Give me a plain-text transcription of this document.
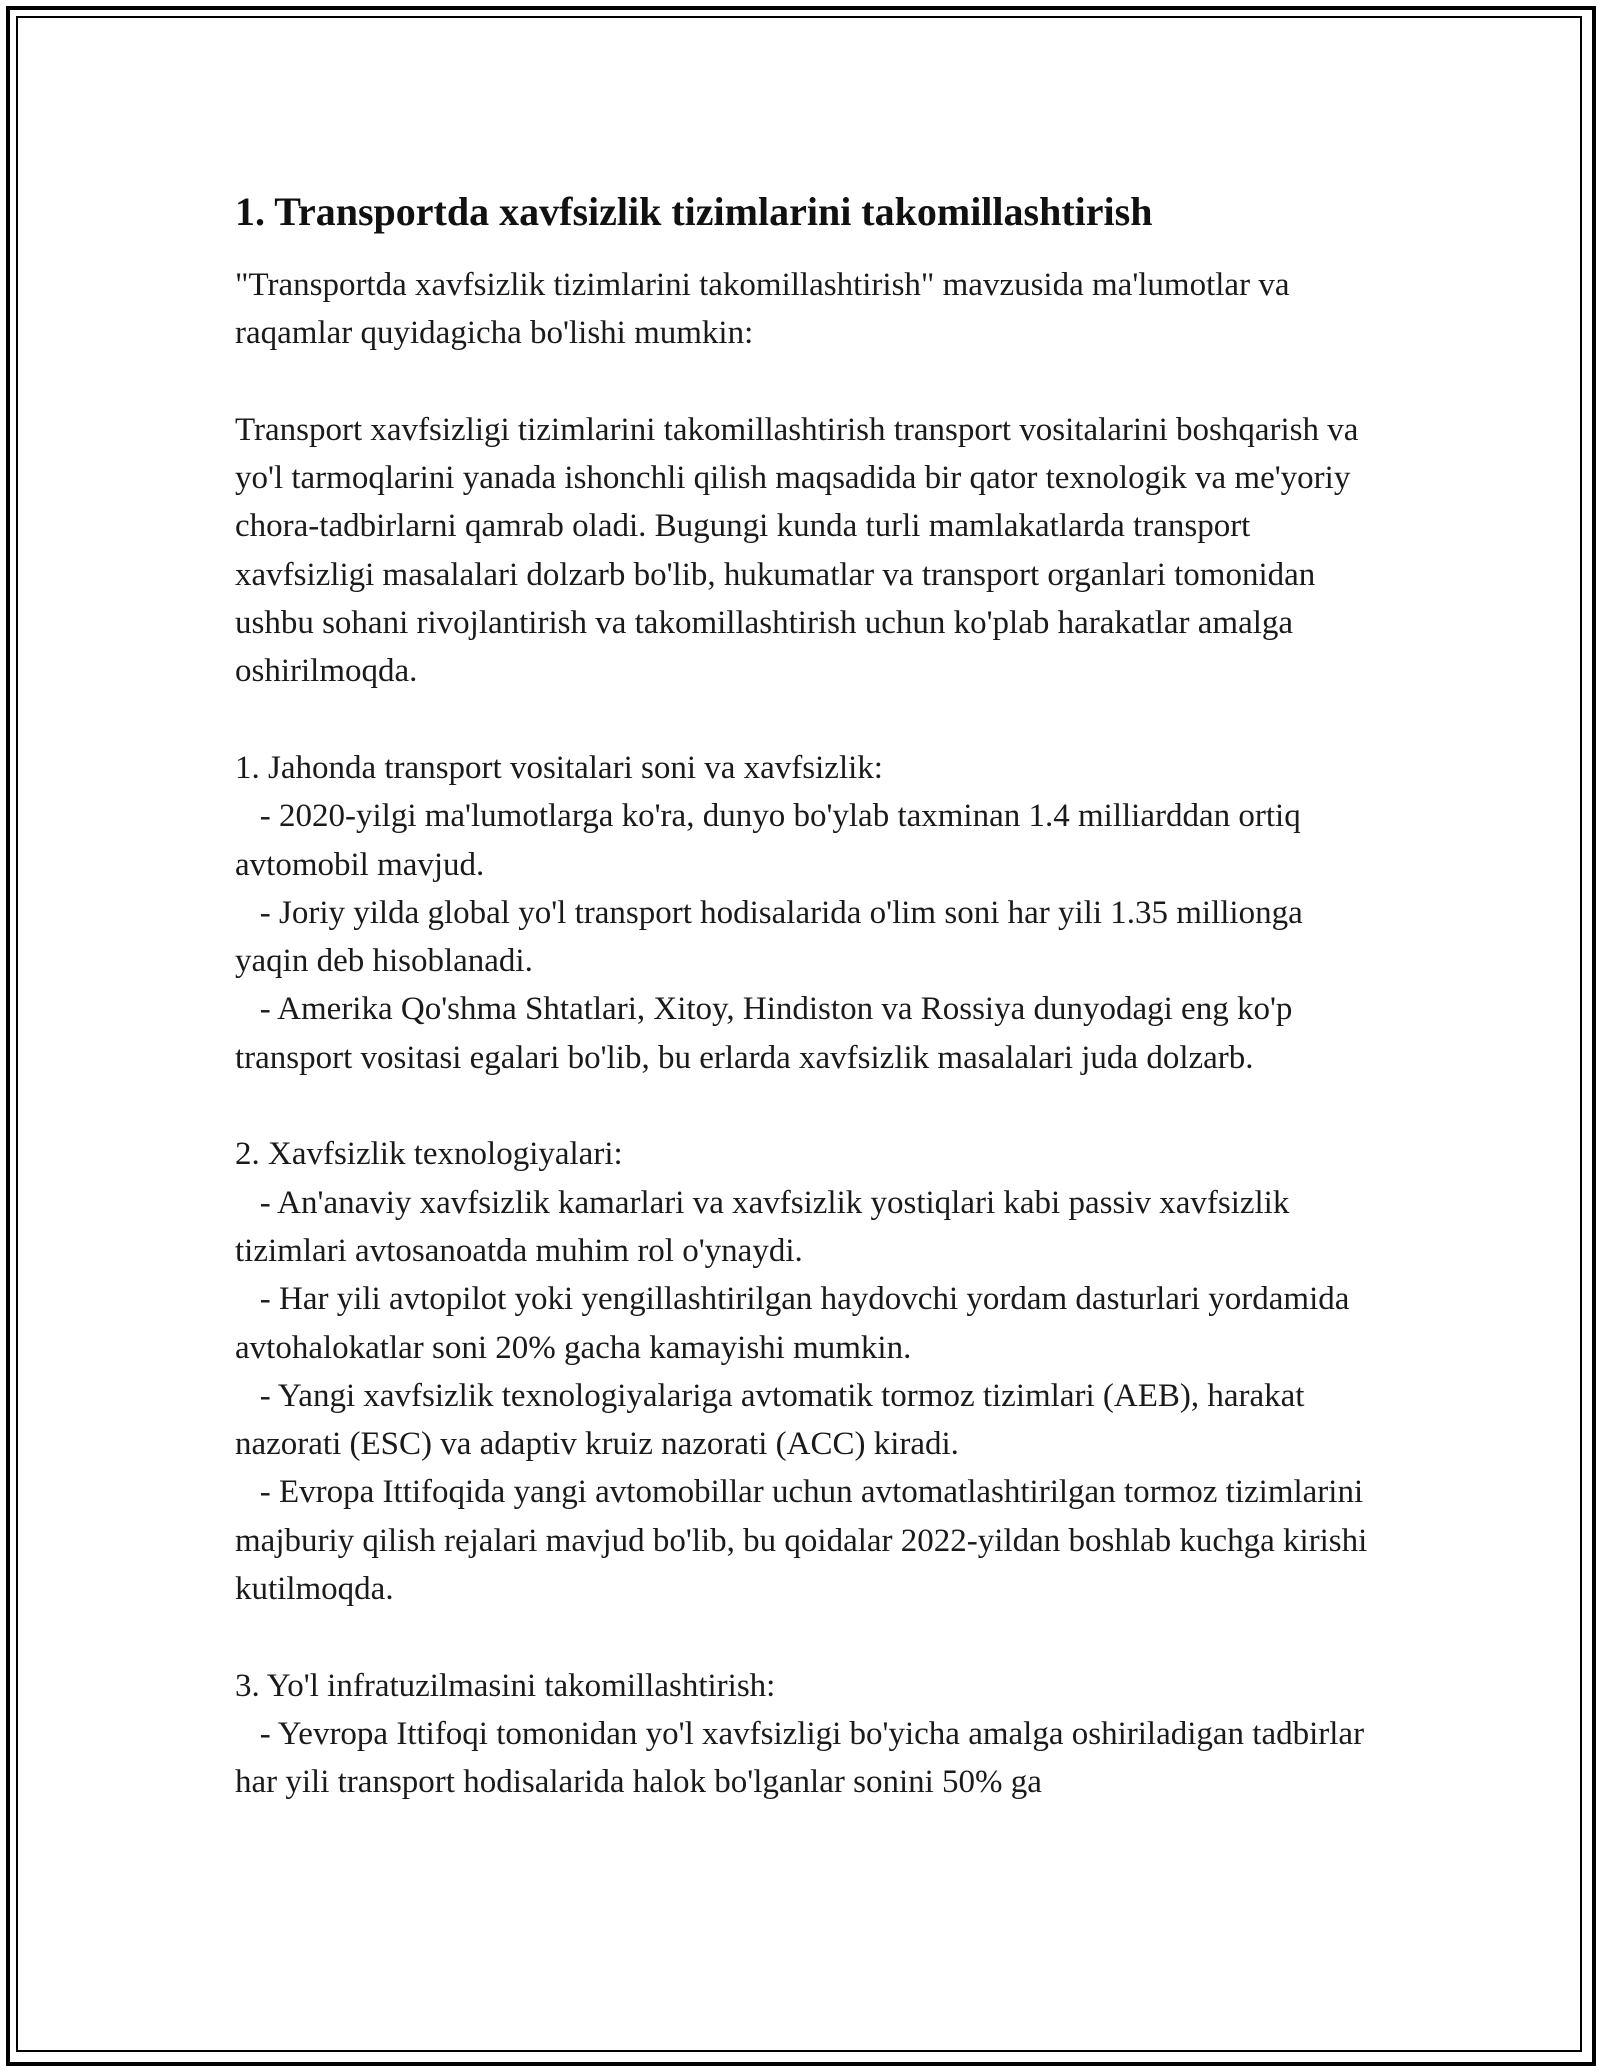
1. Transportda xavfsizlik tizimlarini takomillashtirish

"Transportda xavfsizlik tizimlarini takomillashtirish" mavzusida ma'lumotlar va raqamlar quyidagicha bo'lishi mumkin:

Transport xavfsizligi tizimlarini takomillashtirish transport vositalarini boshqarish va yo'l tarmoqlarini yanada ishonchli qilish maqsadida bir qator texnologik va me'yoriy chora-tadbirlarni qamrab oladi. Bugungi kunda turli mamlakatlarda transport xavfsizligi masalalari dolzarb bo'lib, hukumatlar va transport organlari tomonidan ushbu sohani rivojlantirish va takomillashtirish uchun ko'plab harakatlar amalga oshirilmoqda.

1. Jahonda transport vositalari soni va xavfsizlik:

- 2020-yilgi ma'lumotlarga ko'ra, dunyo bo'ylab taxminan 1.4 milliarddan ortiq avtomobil mavjud.

- Joriy yilda global yo'l transport hodisalarida o'lim soni har yili 1.35 millionga yaqin deb hisoblanadi.

- Amerika Qo'shma Shtatlari, Xitoy, Hindiston va Rossiya dunyodagi eng ko'p transport vositasi egalari bo'lib, bu erlarda xavfsizlik masalalari juda dolzarb.

2. Xavfsizlik texnologiyalari:

- An'anaviy xavfsizlik kamarlari va xavfsizlik yostiqlari kabi passiv xavfsizlik tizimlari avtosanoatda muhim rol o'ynaydi.

- Har yili avtopilot yoki yengillashtirilgan haydovchi yordam dasturlari yordamida avtohalokatlar soni 20% gacha kamayishi mumkin.

- Yangi xavfsizlik texnologiyalariga avtomatik tormoz tizimlari (AEB), harakat nazorati (ESC) va adaptiv kruiz nazorati (ACC) kiradi.

- Evropa Ittifoqida yangi avtomobillar uchun avtomatlashtirilgan tormoz tizimlarini majburiy qilish rejalari mavjud bo'lib, bu qoidalar 2022-yildan boshlab kuchga kirishi kutilmoqda.

3. Yo'l infratuzilmasini takomillashtirish:

- Yevropa Ittifoqi tomonidan yo'l xavfsizligi bo'yicha amalga oshiriladigan tadbirlar har yili transport hodisalarida halok bo'lganlar sonini 50% ga
